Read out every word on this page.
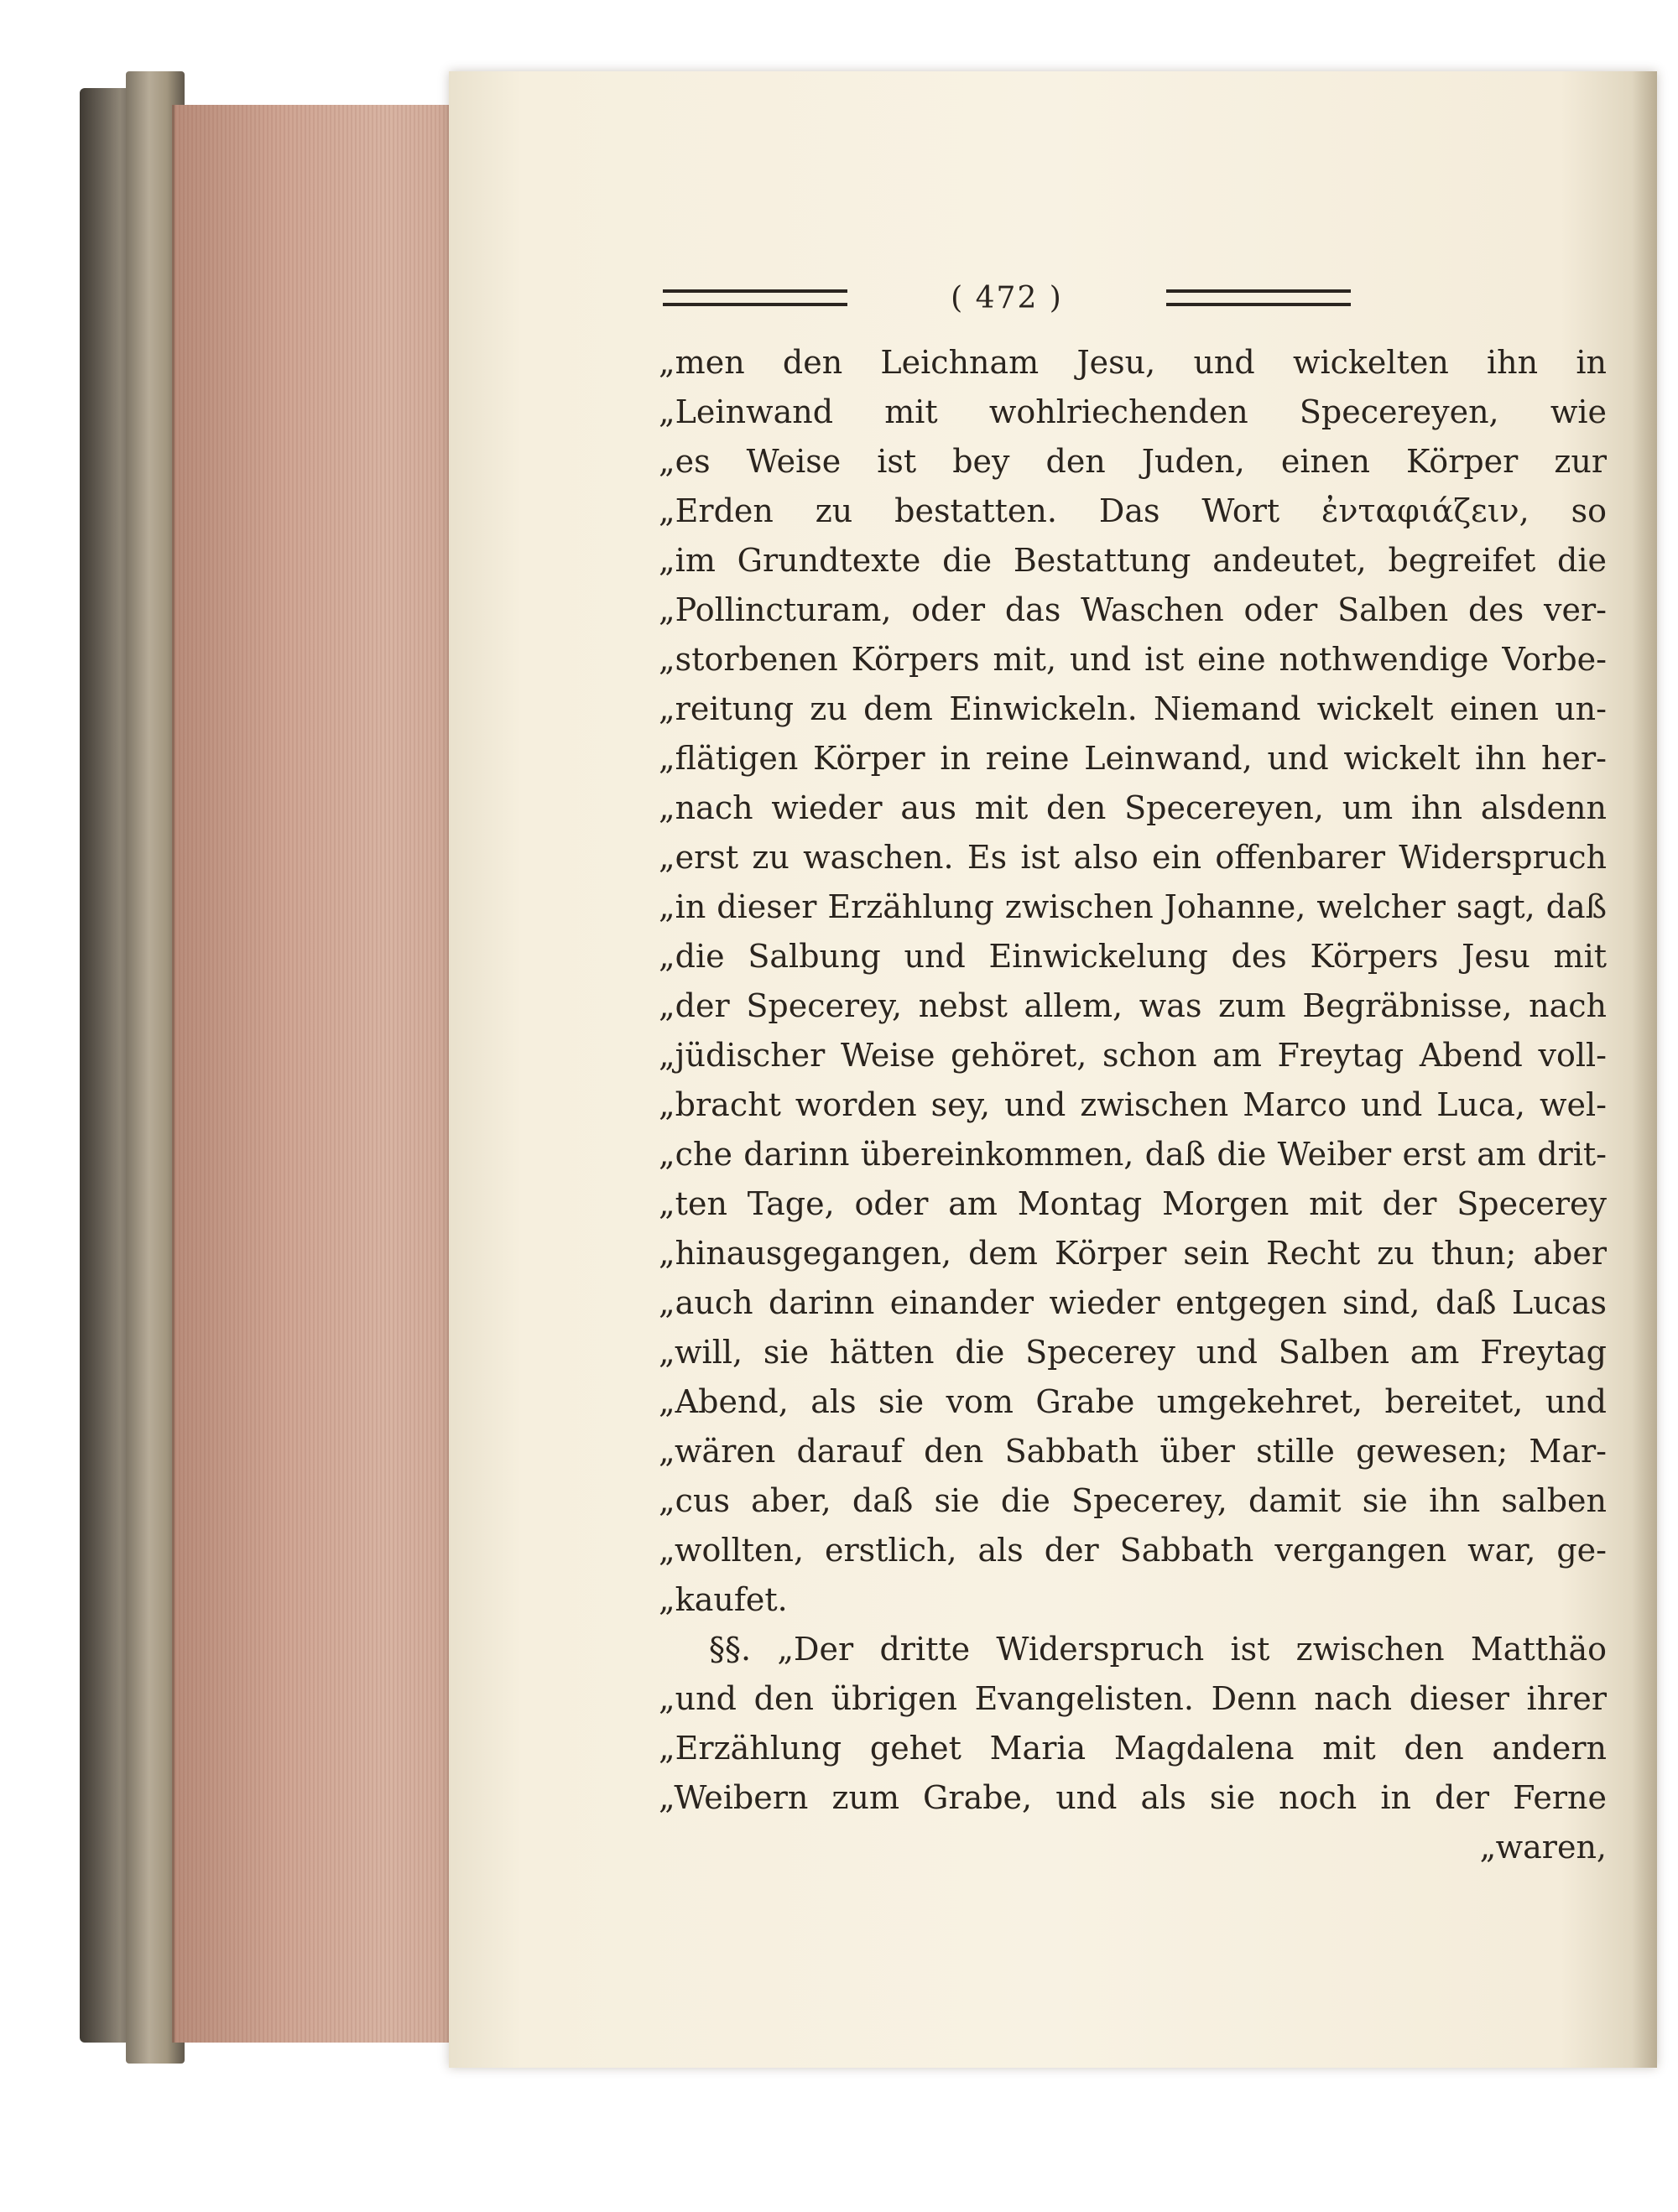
( 472 )
„men den Leichnam Jesu, und wickelten ihn in
„Leinwand mit wohlriechenden Specereyen, wie
„es Weise ist bey den Juden, einen Körper zur
„Erden zu bestatten. Das Wort ἐνταφιάζειν, so
„im Grundtexte die Bestattung andeutet, begreifet die
„Pollincturam, oder das Waschen oder Salben des ver-
„storbenen Körpers mit, und ist eine nothwendige Vorbe-
„reitung zu dem Einwickeln. Niemand wickelt einen un-
„flätigen Körper in reine Leinwand, und wickelt ihn her-
„nach wieder aus mit den Specereyen, um ihn alsdenn
„erst zu waschen. Es ist also ein offenbarer Widerspruch
„in dieser Erzählung zwischen Johanne, welcher sagt, daß
„die Salbung und Einwickelung des Körpers Jesu mit
„der Specerey, nebst allem, was zum Begräbnisse, nach
„jüdischer Weise gehöret, schon am Freytag Abend voll-
„bracht worden sey, und zwischen Marco und Luca, wel-
„che darinn übereinkommen, daß die Weiber erst am drit-
„ten Tage, oder am Montag Morgen mit der Specerey
„hinausgegangen, dem Körper sein Recht zu thun; aber
„auch darinn einander wieder entgegen sind, daß Lucas
„will, sie hätten die Specerey und Salben am Freytag
„Abend, als sie vom Grabe umgekehret, bereitet, und
„wären darauf den Sabbath über stille gewesen; Mar-
„cus aber, daß sie die Specerey, damit sie ihn salben
„wollten, erstlich, als der Sabbath vergangen war, ge-
„kaufet.
§§. „Der dritte Widerspruch ist zwischen Matthäo
„und den übrigen Evangelisten. Denn nach dieser ihrer
„Erzählung gehet Maria Magdalena mit den andern
„Weibern zum Grabe, und als sie noch in der Ferne
„waren,
